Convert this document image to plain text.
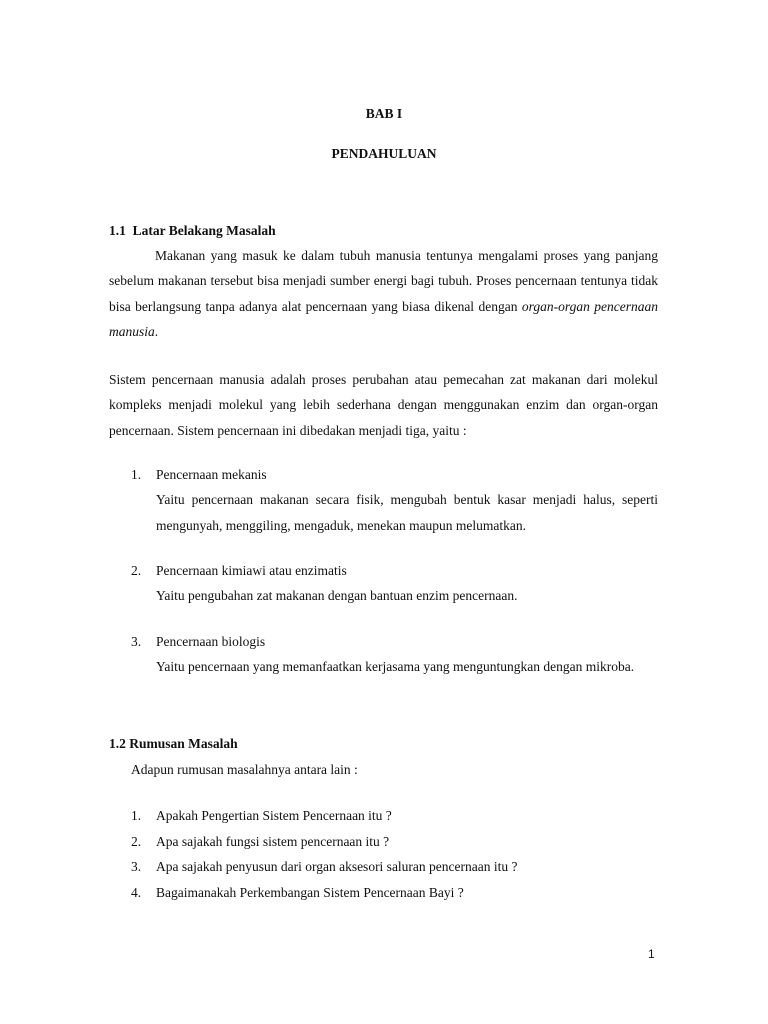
BAB I
PENDAHULUAN
1.1 Latar Belakang Masalah

Makanan yang masuk ke dalam tubuh manusia tentunya mengalami proses yang panjang sebelum makanan tersebut bisa menjadi sumber energi bagi tubuh. Proses pencernaan tentunya tidak bisa berlangsung tanpa adanya alat pencernaan yang biasa dikenal dengan organ-organ pencernaan manusia.

Sistem pencernaan manusia adalah proses perubahan atau pemecahan zat makanan dari molekul kompleks menjadi molekul yang lebih sederhana dengan menggunakan enzim dan organ-organ pencernaan. Sistem pencernaan ini dibedakan menjadi tiga, yaitu :

1. Pencernaan mekanis
Yaitu pencernaan makanan secara fisik, mengubah bentuk kasar menjadi halus, seperti mengunyah, menggiling, mengaduk, menekan maupun melumatkan.
2. Pencernaan kimiawi atau enzimatis
Yaitu pengubahan zat makanan dengan bantuan enzim pencernaan.
3. Pencernaan biologis
Yaitu pencernaan yang memanfaatkan kerjasama yang menguntungkan dengan mikroba.
1.2 Rumusan Masalah
Adapun rumusan masalahnya antara lain :
1. Apakah Pengertian Sistem Pencernaan itu ?
2. Apa sajakah fungsi sistem pencernaan itu ?
3. Apa sajakah penyusun dari organ aksesori saluran pencernaan itu ?
4. Bagaimanakah Perkembangan Sistem Pencernaan Bayi ?
1
